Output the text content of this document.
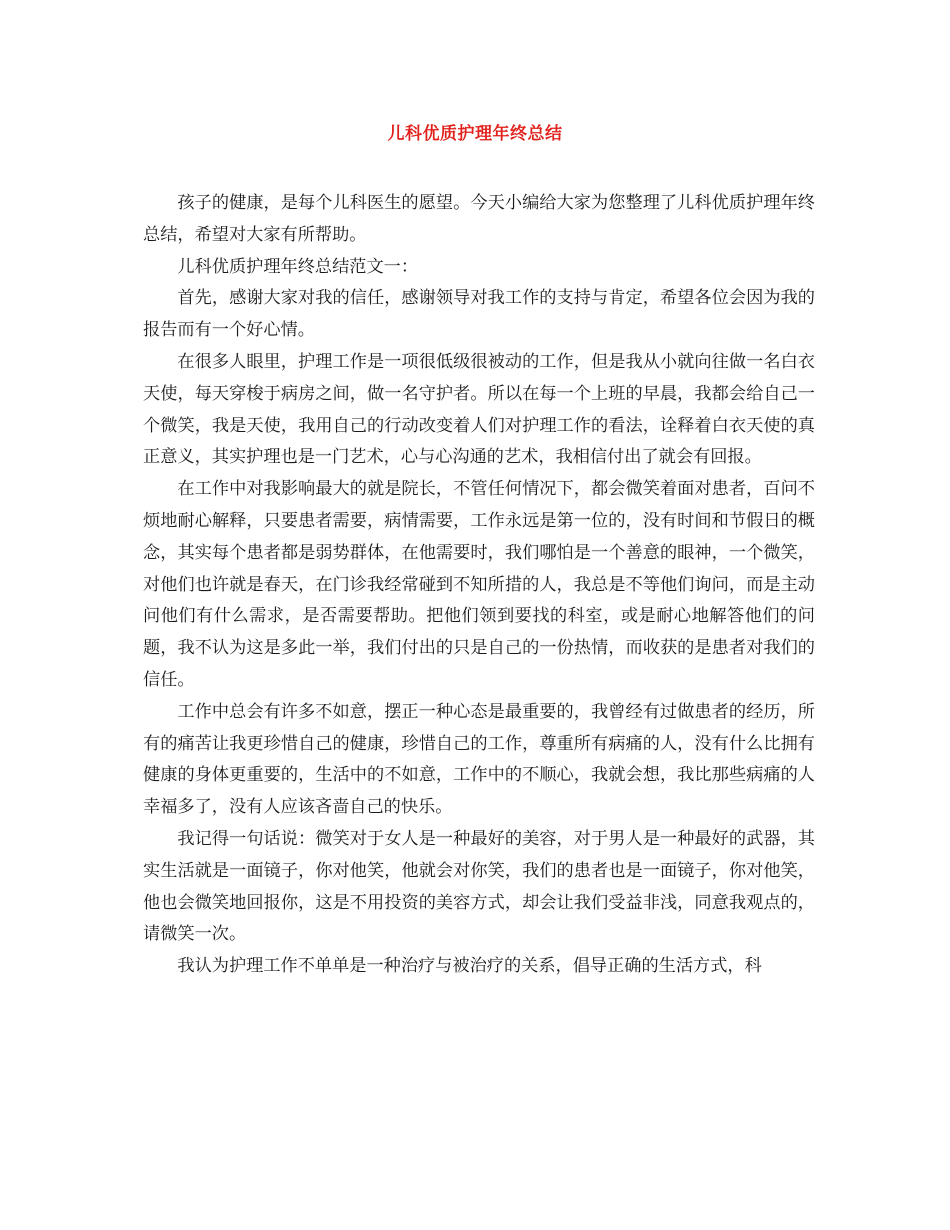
儿科优质护理年终总结

孩子的健康，是每个儿科医生的愿望。今天小编给大家为您整理了儿科优质护理年终总结，希望对大家有所帮助。

儿科优质护理年终总结范文一：

首先，感谢大家对我的信任，感谢领导对我工作的支持与肯定，希望各位会因为我的报告而有一个好心情。

在很多人眼里，护理工作是一项很低级很被动的工作，但是我从小就向往做一名白衣天使，每天穿梭于病房之间，做一名守护者。所以在每一个上班的早晨，我都会给自己一个微笑，我是天使，我用自己的行动改变着人们对护理工作的看法，诠释着白衣天使的真正意义，其实护理也是一门艺术，心与心沟通的艺术，我相信付出了就会有回报。

在工作中对我影响最大的就是院长，不管任何情况下，都会微笑着面对患者，百问不烦地耐心解释，只要患者需要，病情需要，工作永远是第一位的，没有时间和节假日的概念，其实每个患者都是弱势群体，在他需要时，我们哪怕是一个善意的眼神，一个微笑，对他们也许就是春天，在门诊我经常碰到不知所措的人，我总是不等他们询问，而是主动问他们有什么需求，是否需要帮助。把他们领到要找的科室，或是耐心地解答他们的问题，我不认为这是多此一举，我们付出的只是自己的一份热情，而收获的是患者对我们的信任。

工作中总会有许多不如意，摆正一种心态是最重要的，我曾经有过做患者的经历，所有的痛苦让我更珍惜自己的健康，珍惜自己的工作，尊重所有病痛的人，没有什么比拥有健康的身体更重要的，生活中的不如意，工作中的不顺心，我就会想，我比那些病痛的人幸福多了，没有人应该吝啬自己的快乐。

我记得一句话说：微笑对于女人是一种最好的美容，对于男人是一种最好的武器，其实生活就是一面镜子，你对他笑，他就会对你笑，我们的患者也是一面镜子，你对他笑，他也会微笑地回报你，这是不用投资的美容方式，却会让我们受益非浅，同意我观点的，请微笑一次。

我认为护理工作不单单是一种治疗与被治疗的关系，倡导正确的生活方式，科
